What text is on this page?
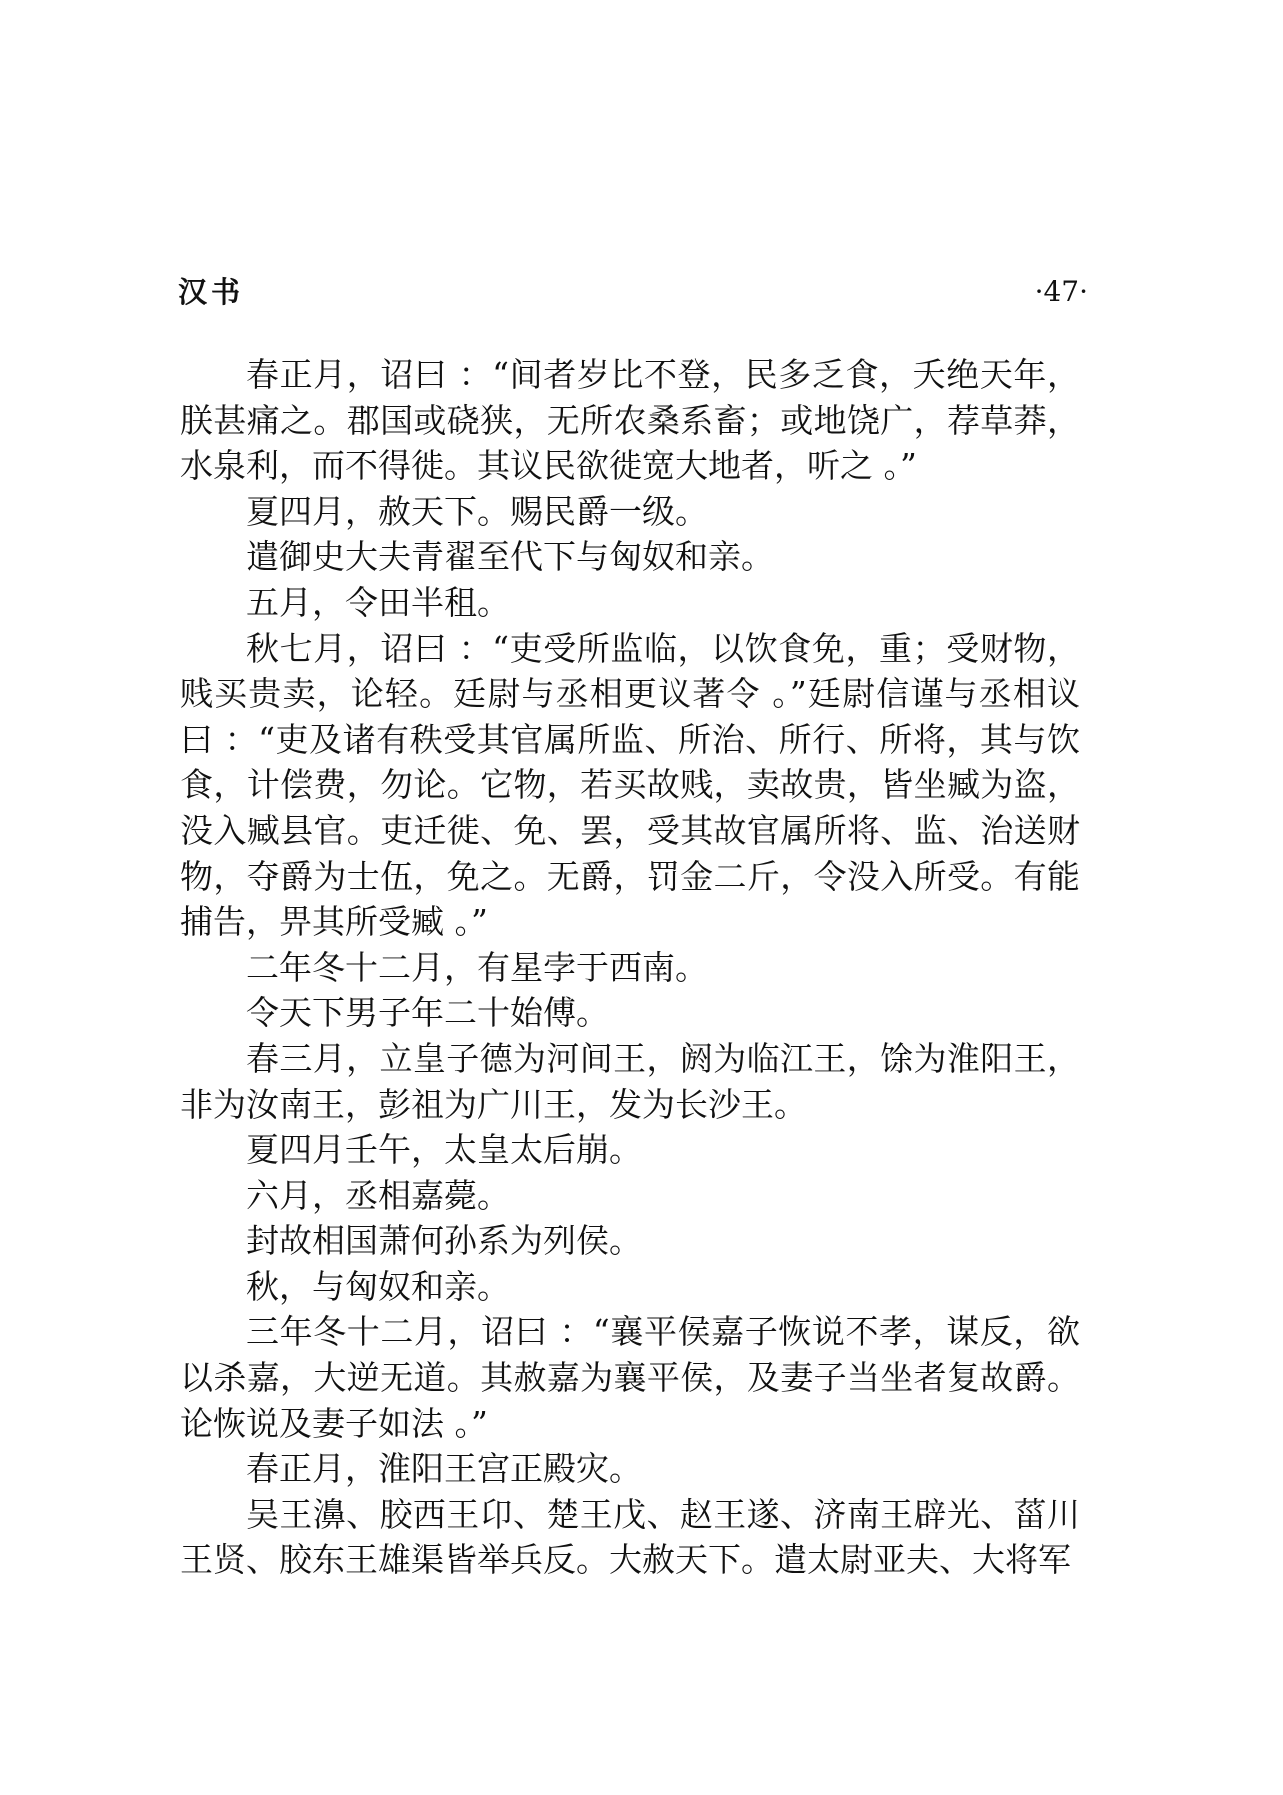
汉书	·47·

春正月，诏曰 ：“间者岁比不登，民多乏食，夭绝天年，朕甚痛之。郡国或硗狭，无所农桑系畜；或地饶广，荐草莽，水泉利，而不得徙。其议民欲徙宽大地者，听之 。”

夏四月，赦天下。赐民爵一级。

遣御史大夫青翟至代下与匈奴和亲。

五月，令田半租。

秋七月，诏曰 ：“吏受所监临，以饮食免，重；受财物，贱买贵卖，论轻。廷尉与丞相更议著令 。”廷尉信谨与丞相议曰 ：“吏及诸有秩受其官属所监、所治、所行、所将，其与饮食，计偿费，勿论。它物，若买故贱，卖故贵，皆坐臧为盗，没入臧县官。吏迁徙、免、罢，受其故官属所将、监、治送财物，夺爵为士伍，免之。无爵，罚金二斤，令没入所受。有能捕告，畀其所受臧 。”

二年冬十二月，有星孛于西南。

令天下男子年二十始傅。

春三月，立皇子德为河间王，阏为临江王，馀为淮阳王，非为汝南王，彭祖为广川王，发为长沙王。

夏四月壬午，太皇太后崩。

六月，丞相嘉薨。

封故相国萧何孙系为列侯。

秋，与匈奴和亲。

三年冬十二月，诏曰 ：“襄平侯嘉子恢说不孝，谋反，欲以杀嘉，大逆无道。其赦嘉为襄平侯，及妻子当坐者复故爵。论恢说及妻子如法 。”

春正月，淮阳王宫正殿灾。

吴王濞、胶西王卬、楚王戊、赵王遂、济南王辟光、菑川王贤、胶东王雄渠皆举兵反。大赦天下。遣太尉亚夫、大将军
